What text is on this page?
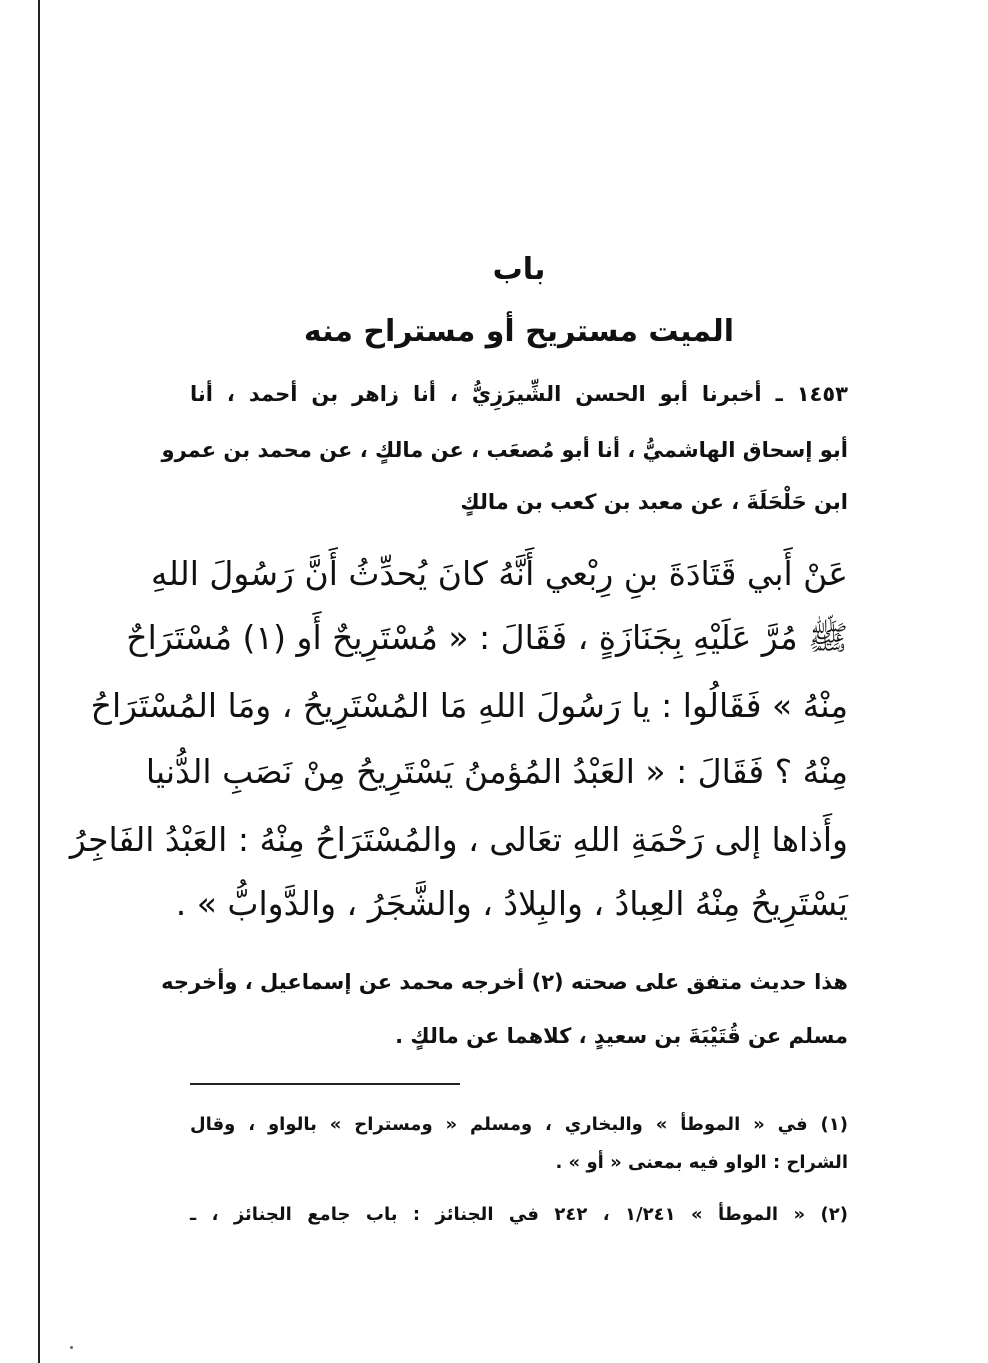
باب
الميت مستريح أو مستراح منه
١٤٥٣ ـ أخبرنا أبو الحسن الشِّيرَزِيُّ ، أنا زاهر بن أحمد ، أنا
أبو إسحاق الهاشميُّ ، أنا أبو مُصعَب ، عن مالكٍ ، عن محمد بن عمرو
ابن حَلْحَلَةَ ، عن معبد بن كعب بن مالكٍ
عَنْ أَبي قَتَادَةَ بنِ رِبْعي أَنَّهُ كانَ يُحدِّثُ أَنَّ رَسُولَ اللهِ
ﷺ مُرَّ عَلَيْهِ بِجَنَازَةٍ ، فَقَالَ : « مُسْتَرِيحٌ أَو (١) مُسْتَرَاحٌ
مِنْهُ » فَقَالُوا : يا رَسُولَ اللهِ مَا المُسْتَرِيحُ ، ومَا المُسْتَرَاحُ
مِنْهُ ؟ فَقَالَ : « العَبْدُ المُؤمنُ يَسْتَرِيحُ مِنْ نَصَبِ الدُّنيا
وأَذاها إلى رَحْمَةِ اللهِ تعَالى ، والمُسْتَرَاحُ مِنْهُ : العَبْدُ الفَاجِرُ
يَسْتَرِيحُ مِنْهُ العِبادُ ، والبِلادُ ، والشَّجَرُ ، والدَّوابُّ » .
هذا حديث متفق على صحته (٢) أخرجه محمد عن إسماعيل ، وأخرجه
مسلم عن قُتَيْبَةَ بن سعيدٍ ، كلاهما عن مالكٍ .
(١) في « الموطأ » والبخاري ، ومسلم « ومستراح » بالواو ، وقال
الشراح : الواو فيه بمعنى « أو » .
(٢) « الموطأ » ١/٢٤١ ، ٢٤٢ في الجنائز : باب جامع الجنائز ، ـ
